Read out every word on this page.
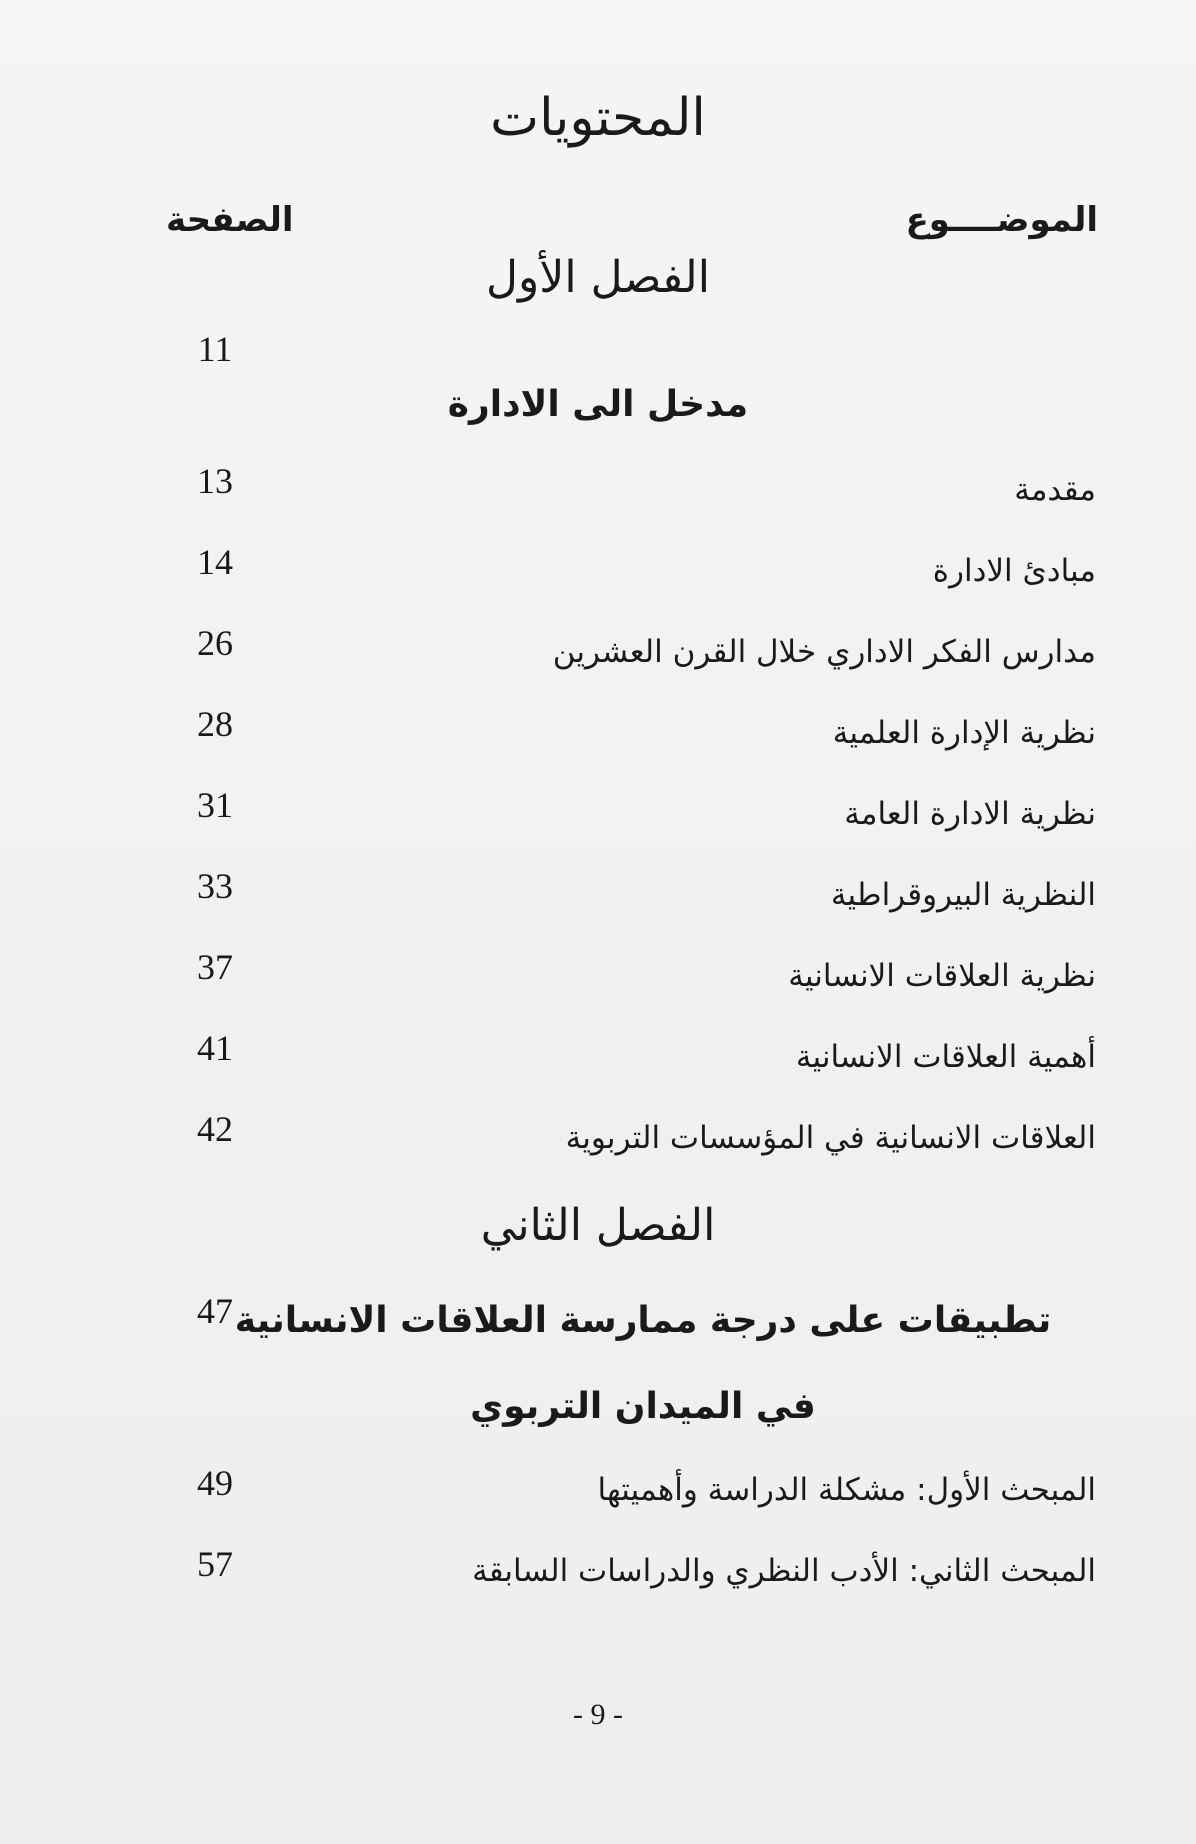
المحتويات
الموضــــوع
الصفحة
الفصل الأول
11
مدخل الى الادارة
مقدمة
13
مبادئ الادارة
14
مدارس الفكر الاداري خلال القرن العشرين
26
نظرية الإدارة العلمية
28
نظرية الادارة العامة
31
النظرية البيروقراطية
33
نظرية العلاقات الانسانية
37
أهمية العلاقات الانسانية
41
العلاقات الانسانية في المؤسسات التربوية
42
الفصل الثاني
47 تطبيقات على درجة ممارسة العلاقات الانسانية
في الميدان التربوي
المبحث الأول: مشكلة الدراسة وأهميتها
49
المبحث الثاني: الأدب النظري والدراسات السابقة
57
- 9 -
